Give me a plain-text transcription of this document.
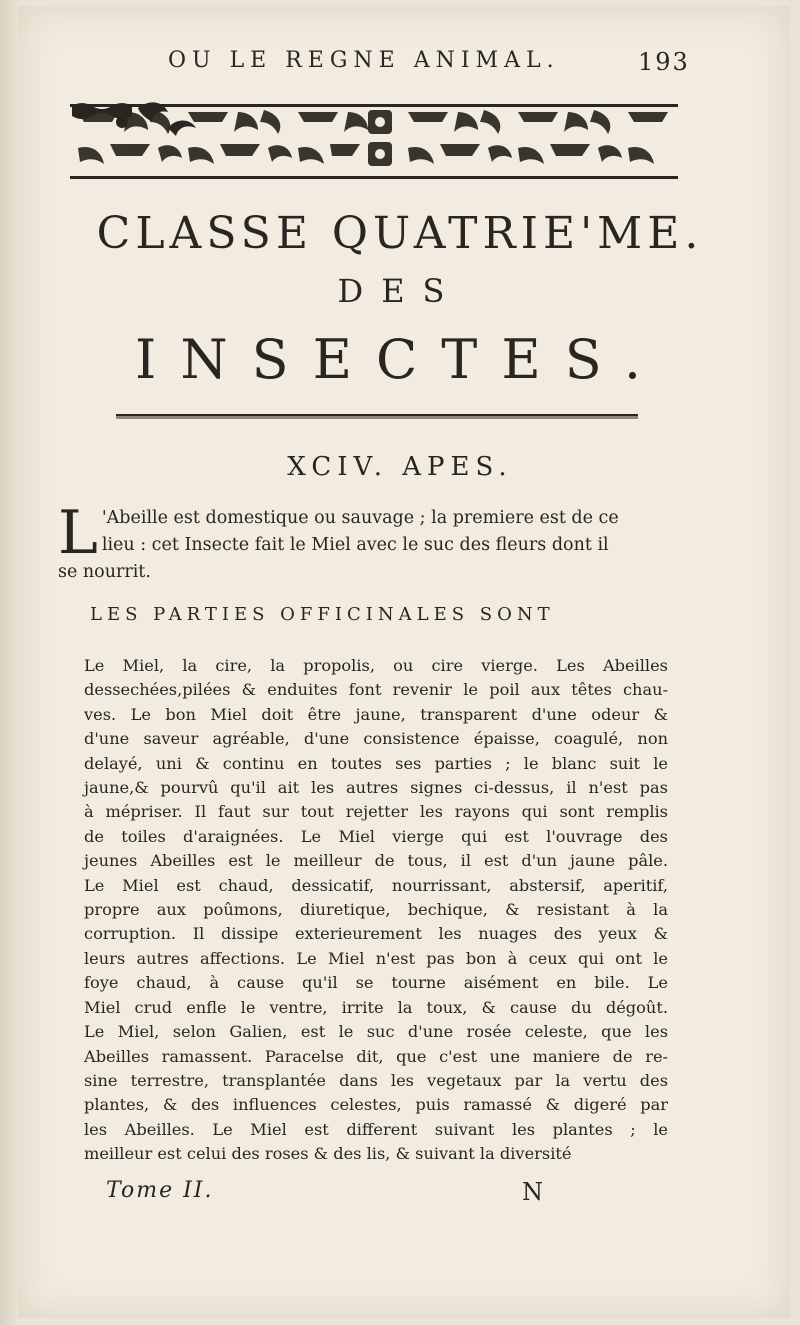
OU LE REGNE ANIMAL.	193
CLASSE QUATRIE'ME.
DES
INSECTES.
XCIV. APES.
L 'Abeille est domestique ou sauvage ; la premiere est de ce
lieu : cet Insecte fait le Miel avec le suc des fleurs dont il
se nourrit.
LES PARTIES OFFICINALES SONT
Le Miel, la cire, la propolis, ou cire vierge. Les Abeilles
dessechées,pilées & enduites font revenir le poil aux têtes chau-
ves. Le bon Miel doit être jaune, transparent d'une odeur &
d'une saveur agréable, d'une consistence épaisse, coagulé, non
delayé, uni & continu en toutes ses parties ; le blanc suit le
jaune,& pourvû qu'il ait les autres signes ci-dessus, il n'est pas
à mépriser. Il faut sur tout rejetter les rayons qui sont remplis
de toiles d'araignées. Le Miel vierge qui est l'ouvrage des
jeunes Abeilles est le meilleur de tous, il est d'un jaune pâle.
Le Miel est chaud, dessicatif, nourrissant, abstersif, aperitif,
propre aux poûmons, diuretique, bechique, & resistant à la
corruption. Il dissipe exterieurement les nuages des yeux &
leurs autres affections. Le Miel n'est pas bon à ceux qui ont le
foye chaud, à cause qu'il se tourne aisément en bile. Le
Miel crud enfle le ventre, irrite la toux, & cause du dégoût.
Le Miel, selon Galien, est le suc d'une rosée celeste, que les
Abeilles ramassent. Paracelse dit, que c'est une maniere de re-
sine terrestre, transplantée dans les vegetaux par la vertu des
plantes, & des influences celestes, puis ramassé & digeré par
les Abeilles. Le Miel est different suivant les plantes ; le
meilleur est celui des roses & des lis, & suivant la diversité
Tome II.	N
